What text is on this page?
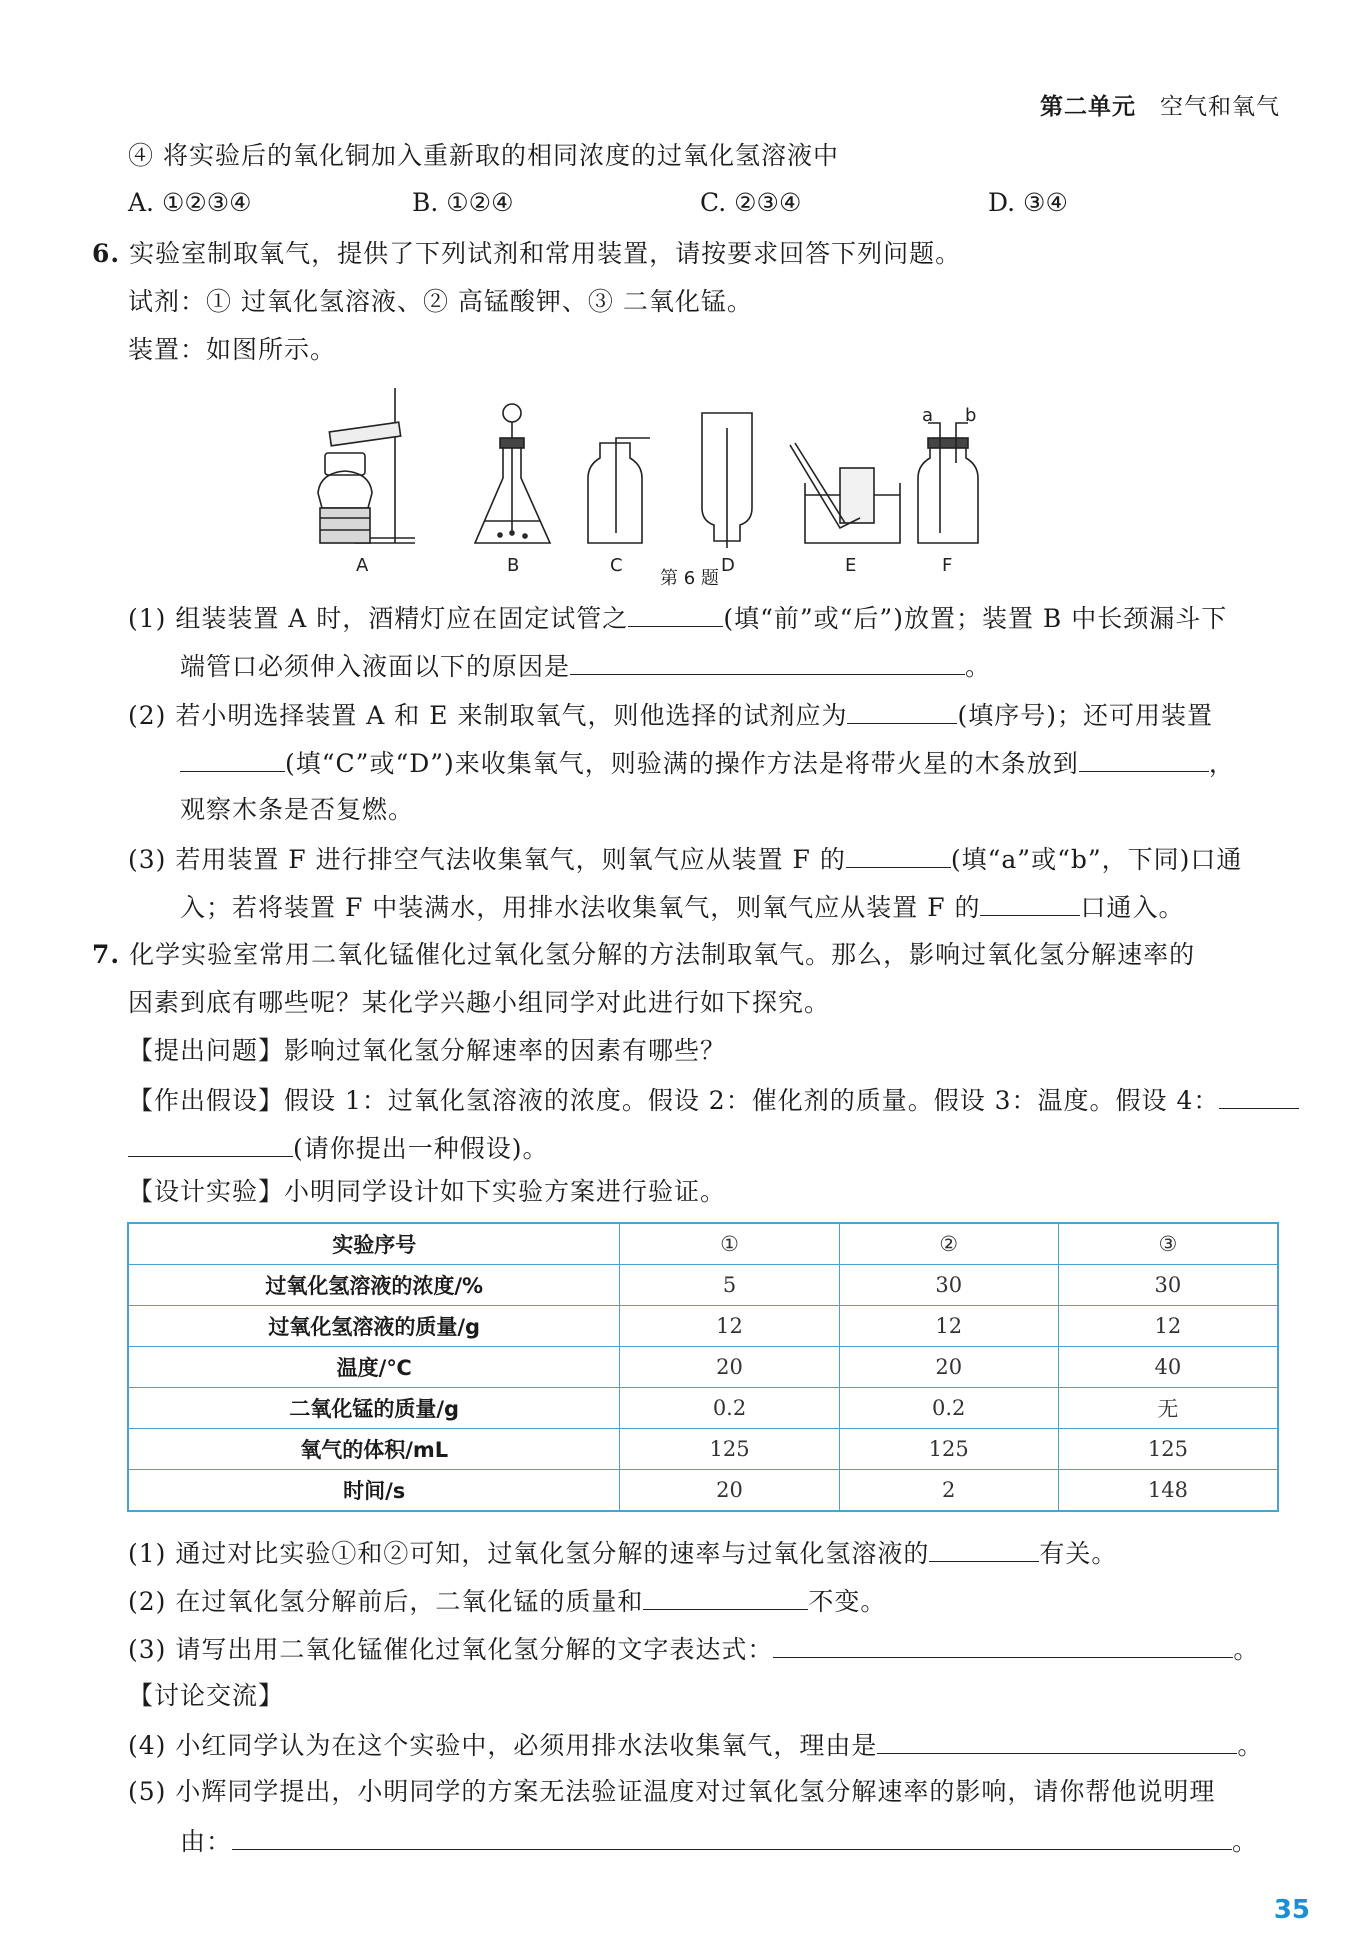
第二单元 空气和氧气
④ 将实验后的氧化铜加入重新取的相同浓度的过氧化氢溶液中
A. ①②③④	B. ①②④	C. ②③④	D. ③④
6. 实验室制取氧气，提供了下列试剂和常用装置，请按要求回答下列问题。
试剂：① 过氧化氢溶液、② 高锰酸钾、③ 二氧化锰。
装置：如图所示。
A	B	C	D	E	F
a b
第 6 题
(1) 组装装置 A 时，酒精灯应在固定试管之	(填“前”或“后”)放置；装置 B 中长颈漏斗下
端管口必须伸入液面以下的原因是	。
(2) 若小明选择装置 A 和 E 来制取氧气，则他选择的试剂应为	(填序号)；还可用装置
(填“C”或“D”)来收集氧气，则验满的操作方法是将带火星的木条放到	，
观察木条是否复燃。
(3) 若用装置 F 进行排空气法收集氧气，则氧气应从装置 F 的	(填“a”或“b”，下同)口通
入；若将装置 F 中装满水，用排水法收集氧气，则氧气应从装置 F 的	口通入。
7. 化学实验室常用二氧化锰催化过氧化氢分解的方法制取氧气。那么，影响过氧化氢分解速率的
因素到底有哪些呢？某化学兴趣小组同学对此进行如下探究。
【提出问题】影响过氧化氢分解速率的因素有哪些？
【作出假设】假设 1：过氧化氢溶液的浓度。假设 2：催化剂的质量。假设 3：温度。假设 4：
(请你提出一种假设)。
【设计实验】小明同学设计如下实验方案进行验证。
实验序号	①	②	③
过氧化氢溶液的浓度/%	5	30	30
过氧化氢溶液的质量/g	12	12	12
温度/℃	20	20	40
二氧化锰的质量/g	0.2	0.2	无
氧气的体积/mL	125	125	125
时间/s	20	2	148
(1) 通过对比实验①和②可知，过氧化氢分解的速率与过氧化氢溶液的	有关。
(2) 在过氧化氢分解前后，二氧化锰的质量和	不变。
(3) 请写出用二氧化锰催化过氧化氢分解的文字表达式：	。
【讨论交流】
(4) 小红同学认为在这个实验中，必须用排水法收集氧气，理由是	。
(5) 小辉同学提出，小明同学的方案无法验证温度对过氧化氢分解速率的影响，请你帮他说明理
由：	。
35
